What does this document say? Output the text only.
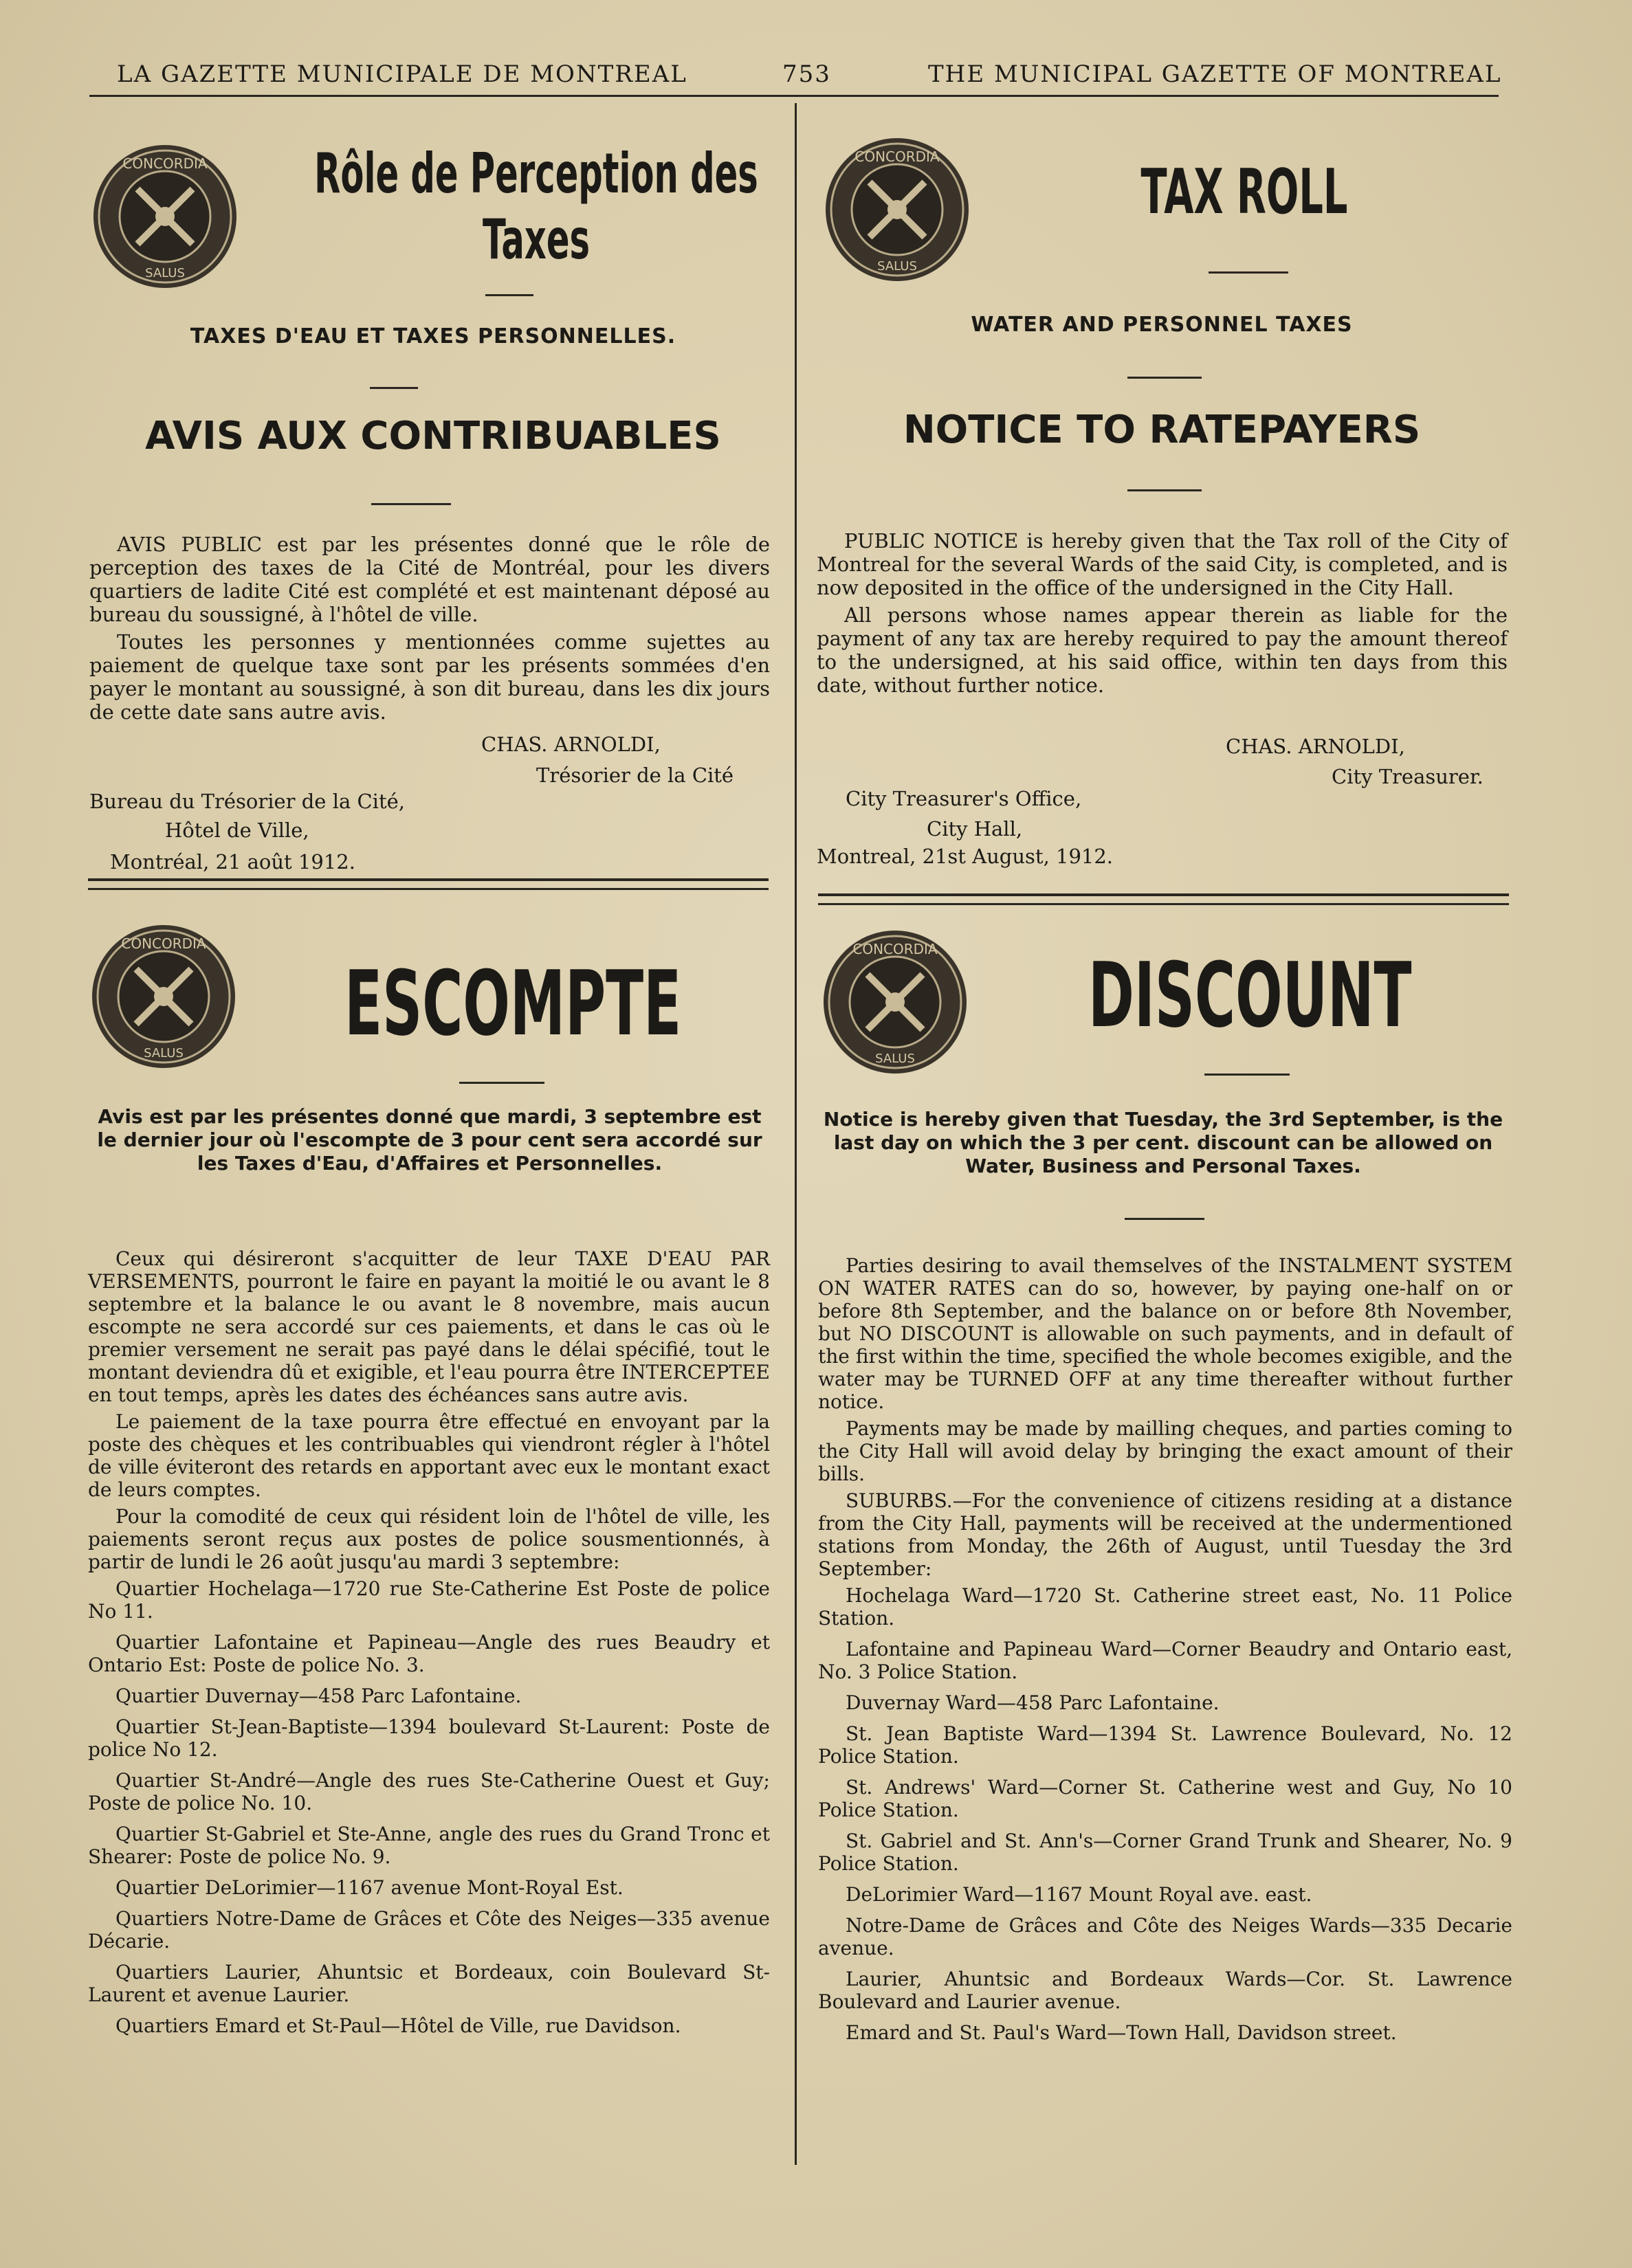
LA GAZETTE MUNICIPALE DE MONTREAL	753	THE MUNICIPAL GAZETTE OF MONTREAL
CONCORDIA
SALUS
Rôle de Perception des
Taxes
TAXES D'EAU ET TAXES PERSONNELLES.
AVIS AUX CONTRIBUABLES

AVIS PUBLIC est par les présentes donné que le rôle de perception des taxes de la Cité de Montréal, pour les divers quartiers de ladite Cité est complété et est maintenant déposé au bureau du soussigné, à l'hôtel de ville.

Toutes les personnes y mentionnées comme sujettes au paiement de quelque taxe sont par les présents sommées d'en payer le montant au soussigné, à son dit bureau, dans les dix jours de cette date sans autre avis.

CHAS. ARNOLDI,
Trésorier de la Cité
Bureau du Trésorier de la Cité,
Hôtel de Ville,
Montréal, 21 août 1912.
CONCORDIA
SALUS
TAX ROLL
WATER AND PERSONNEL TAXES
NOTICE TO RATEPAYERS

PUBLIC NOTICE is hereby given that the Tax roll of the City of Montreal for the several Wards of the said City, is completed, and is now deposited in the office of the undersigned in the City Hall.

All persons whose names appear therein as liable for the payment of any tax are hereby required to pay the amount thereof to the undersigned, at his said office, within ten days from this date, without further notice.

CHAS. ARNOLDI,
City Treasurer.
City Treasurer's Office,
City Hall,
Montreal, 21st August, 1912.
CONCORDIA
SALUS ESCOMPTE
Avis est par les présentes donné que mardi, 3 septembre est le dernier jour où l'escompte de 3 pour cent sera accordé sur les Taxes d'Eau, d'Affaires et Personnelles.

Ceux qui désireront s'acquitter de leur TAXE D'EAU PAR VERSEMENTS, pourront le faire en payant la moitié le ou avant le 8 septembre et la balance le ou avant le 8 novembre, mais aucun escompte ne sera accordé sur ces paiements, et dans le cas où le premier versement ne serait pas payé dans le délai spécifié, tout le montant deviendra dû et exigible, et l'eau pourra être INTERCEPTEE en tout temps, après les dates des échéances sans autre avis.

Le paiement de la taxe pourra être effectué en envoyant par la poste des chèques et les contribuables qui viendront régler à l'hôtel de ville éviteront des retards en apportant avec eux le montant exact de leurs comptes.

Pour la comodité de ceux qui résident loin de l'hôtel de ville, les paiements seront reçus aux postes de police sousmentionnés, à partir de lundi le 26 août jusqu'au mardi 3 septembre:

Quartier Hochelaga—1720 rue Ste-Catherine Est Poste de police No 11.

Quartier Lafontaine et Papineau—Angle des rues Beaudry et Ontario Est: Poste de police No. 3.

Quartier Duvernay—458 Parc Lafontaine.

Quartier St-Jean-Baptiste—1394 boulevard St-Laurent: Poste de police No 12.

Quartier St-André—Angle des rues Ste-Catherine Ouest et Guy; Poste de police No. 10.

Quartier St-Gabriel et Ste-Anne, angle des rues du Grand Tronc et Shearer: Poste de police No. 9.

Quartier DeLorimier—1167 avenue Mont-Royal Est.

Quartiers Notre-Dame de Grâces et Côte des Neiges—335 avenue Décarie.

Quartiers Laurier, Ahuntsic et Bordeaux, coin Boulevard St-Laurent et avenue Laurier.

Quartiers Emard et St-Paul—Hôtel de Ville, rue Davidson.

CONCORDIA
SALUS
DISCOUNT
Notice is hereby given that Tuesday, the 3rd September, is the last day on which the 3 per cent. discount can be allowed on Water, Business and Personal Taxes.

Parties desiring to avail themselves of the INSTALMENT SYSTEM ON WATER RATES can do so, however, by paying one-half on or before 8th September, and the balance on or before 8th November, but NO DISCOUNT is allowable on such payments, and in default of the first within the time, specified the whole becomes exigible, and the water may be TURNED OFF at any time thereafter without further notice.

Payments may be made by mailling cheques, and parties coming to the City Hall will avoid delay by bringing the exact amount of their bills.

SUBURBS.—For the convenience of citizens residing at a distance from the City Hall, payments will be received at the undermentioned stations from Monday, the 26th of August, until Tuesday the 3rd September:

Hochelaga Ward—1720 St. Catherine street east, No. 11 Police Station.

Lafontaine and Papineau Ward—Corner Beaudry and Ontario east, No. 3 Police Station.

Duvernay Ward—458 Parc Lafontaine.

St. Jean Baptiste Ward—1394 St. Lawrence Boulevard, No. 12 Police Station.

St. Andrews' Ward—Corner St. Catherine west and Guy, No 10 Police Station.

St. Gabriel and St. Ann's—Corner Grand Trunk and Shearer, No. 9 Police Station.

DeLorimier Ward—1167 Mount Royal ave. east.

Notre-Dame de Grâces and Côte des Neiges Wards—335 Decarie avenue.

Laurier, Ahuntsic and Bordeaux Wards—Cor. St. Lawrence Boulevard and Laurier avenue.

Emard and St. Paul's Ward—Town Hall, Davidson street.
